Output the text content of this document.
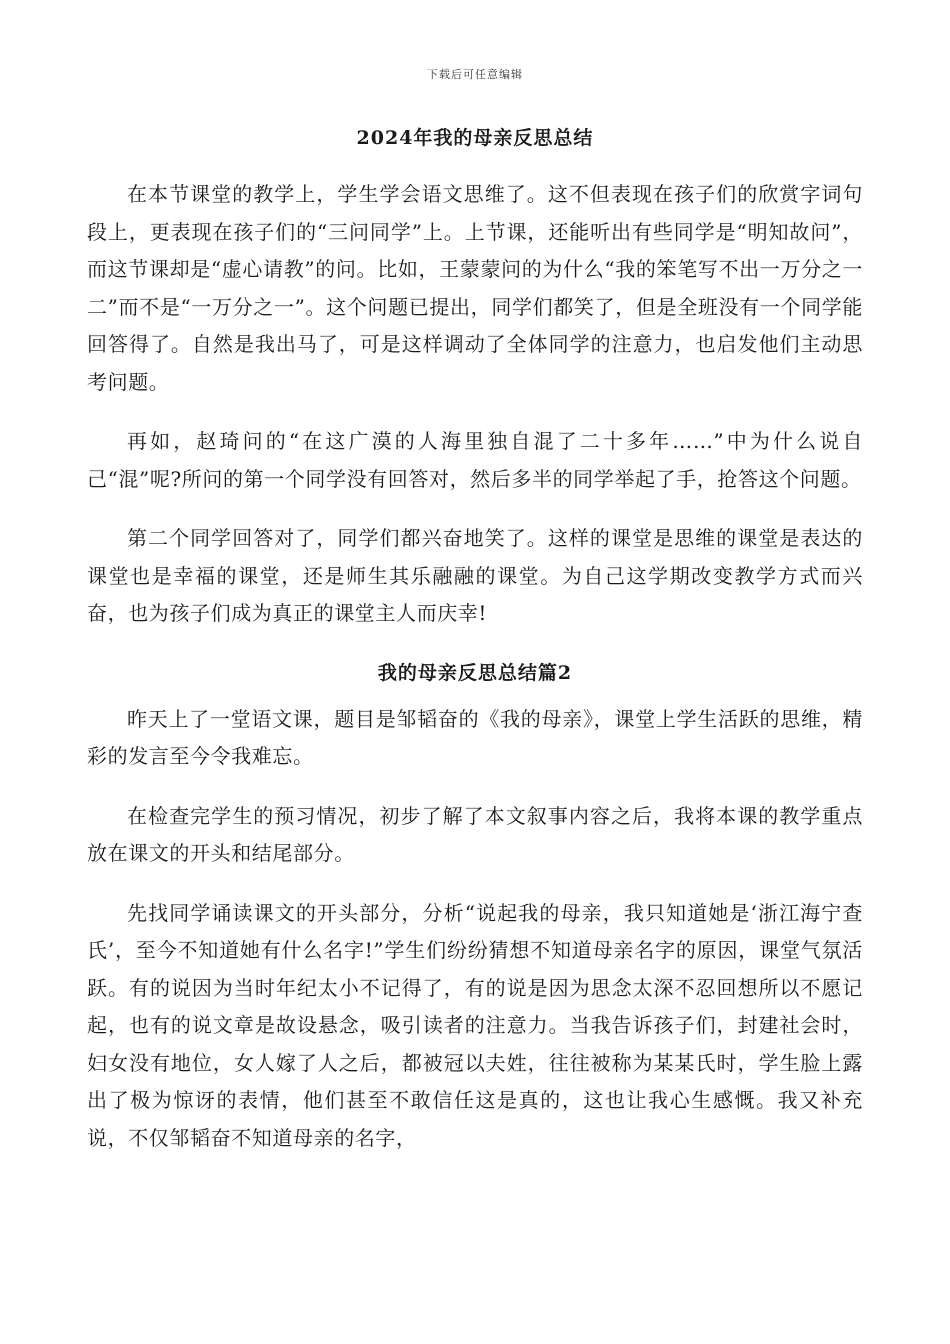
下载后可任意编辑
2024年我的母亲反思总结

在本节课堂的教学上，学生学会语文思维了。这不但表现在孩子们的欣赏字词句段上，更表现在孩子们的“三问同学”上。上节课，还能听出有些同学是“明知故问”，而这节课却是“虚心请教”的问。比如，王蒙蒙问的为什么“我的笨笔写不出一万分之一二”而不是“一万分之一”。这个问题已提出，同学们都笑了，但是全班没有一个同学能回答得了。自然是我出马了，可是这样调动了全体同学的注意力，也启发他们主动思考问题。

再如，赵琦问的“在这广漠的人海里独自混了二十多年……”中为什么说自己“混”呢?所问的第一个同学没有回答对，然后多半的同学举起了手，抢答这个问题。

第二个同学回答对了，同学们都兴奋地笑了。这样的课堂是思维的课堂是表达的课堂也是幸福的课堂，还是师生其乐融融的课堂。为自己这学期改变教学方式而兴奋，也为孩子们成为真正的课堂主人而庆幸!

我的母亲反思总结篇2

昨天上了一堂语文课，题目是邹韬奋的《我的母亲》，课堂上学生活跃的思维，精彩的发言至今令我难忘。

在检查完学生的预习情况，初步了解了本文叙事内容之后，我将本课的教学重点放在课文的开头和结尾部分。

先找同学诵读课文的开头部分，分析“说起我的母亲，我只知道她是‘浙江海宁查氏’，至今不知道她有什么名字!”学生们纷纷猜想不知道母亲名字的原因，课堂气氛活跃。有的说因为当时年纪太小不记得了，有的说是因为思念太深不忍回想所以不愿记起，也有的说文章是故设悬念，吸引读者的注意力。当我告诉孩子们，封建社会时，妇女没有地位，女人嫁了人之后，都被冠以夫姓，往往被称为某某氏时，学生脸上露出了极为惊讶的表情，他们甚至不敢信任这是真的，这也让我心生感慨。我又补充说，不仅邹韬奋不知道母亲的名字，
